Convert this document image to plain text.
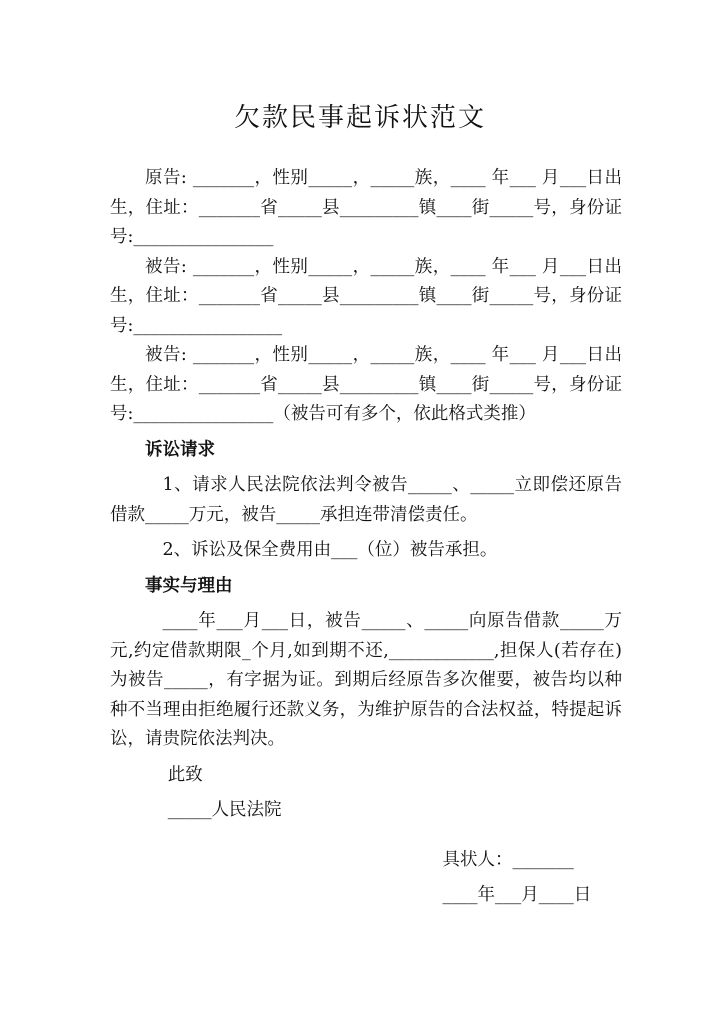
欠款民事起诉状范文

原告: _______，性别_____，_____族，____ 年___ 月___日出生，住址：_______省_____县_________镇____街_____号，身份证号:________________

被告: _______，性别_____，_____族，____ 年___ 月___日出生，住址：_______省_____县_________镇____街_____号，身份证号:_________________

被告: _______，性别_____，_____族，____ 年___ 月___日出生，住址：_______省_____县_________镇____街_____号，身份证号:________________（被告可有多个，依此格式类推）

诉讼请求

1、请求人民法院依法判令被告_____、_____立即偿还原告借款_____万元，被告_____承担连带清偿责任。

2、诉讼及保全费用由___（位）被告承担。

事实与理由

____年___月___日，被告_____、_____向原告借款_____万元,约定借款期限_个月,如到期不还,____________,担保人(若存在)为被告_____，有字据为证。到期后经原告多次催要，被告均以种种不当理由拒绝履行还款义务，为维护原告的合法权益，特提起诉讼，请贵院依法判决。

此致

_____人民法院

具状人：_______

____年___月____日
